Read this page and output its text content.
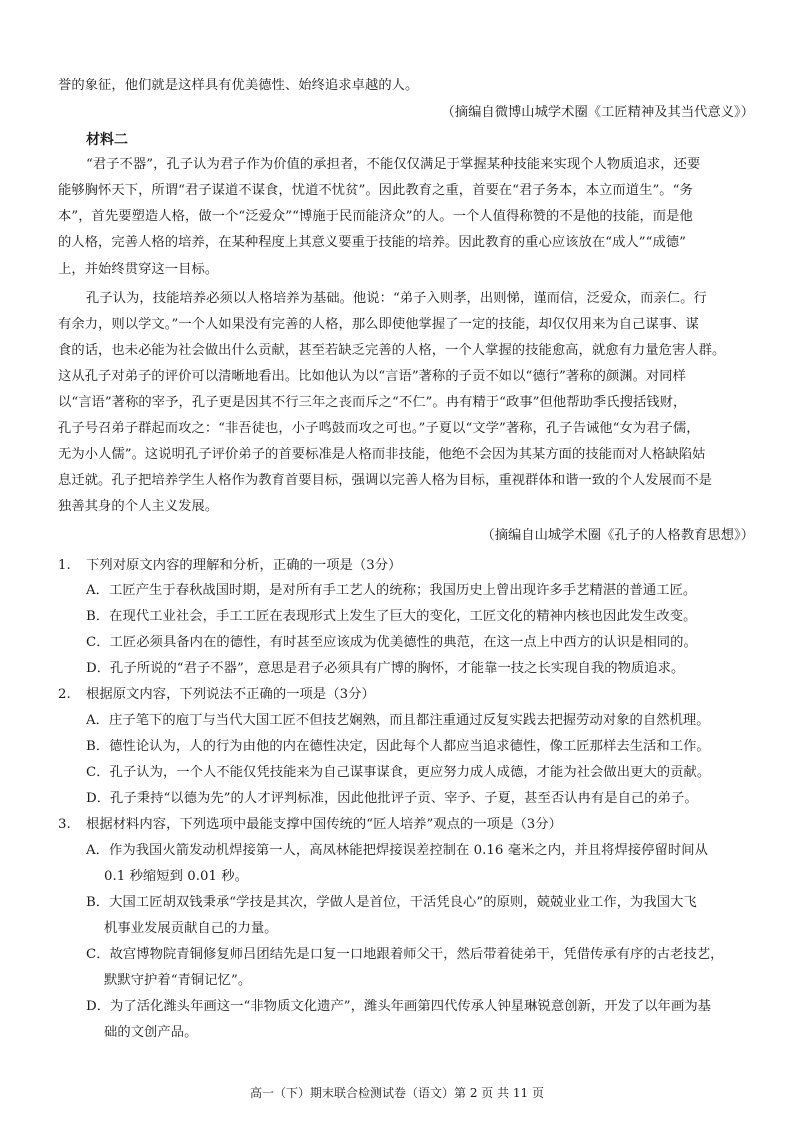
誉的象征，他们就是这样具有优美德性、始终追求卓越的人。
（摘编自微博山城学术圈《工匠精神及其当代意义》）
材料二
“君子不器”，孔子认为君子作为价值的承担者，不能仅仅满足于掌握某种技能来实现个人物质追求，还要
能够胸怀天下，所谓“君子谋道不谋食，忧道不忧贫”。因此教育之重，首要在“君子务本，本立而道生”。“务
本”，首先要塑造人格，做一个“泛爱众”“博施于民而能济众”的人。一个人值得称赞的不是他的技能，而是他
的人格，完善人格的培养，在某种程度上其意义要重于技能的培养。因此教育的重心应该放在“成人”“成德”
上，并始终贯穿这一目标。
孔子认为，技能培养必须以人格培养为基础。他说：“弟子入则孝，出则悌，谨而信，泛爱众，而亲仁。行
有余力，则以学文。”一个人如果没有完善的人格，那么即使他掌握了一定的技能，却仅仅用来为自己谋事、谋
食的话，也未必能为社会做出什么贡献，甚至若缺乏完善的人格，一个人掌握的技能愈高，就愈有力量危害人群。
这从孔子对弟子的评价可以清晰地看出。比如他认为以“言语”著称的子贡不如以“德行”著称的颜渊。对同样
以“言语”著称的宰予，孔子更是因其不行三年之丧而斥之“不仁”。冉有精于“政事”但他帮助季氏搜括钱财，
孔子号召弟子群起而攻之：“非吾徒也，小子鸣鼓而攻之可也。”子夏以“文学”著称，孔子告诫他“女为君子儒，
无为小人儒”。这说明孔子评价弟子的首要标准是人格而非技能，他绝不会因为其某方面的技能而对人格缺陷姑
息迁就。孔子把培养学生人格作为教育首要目标，强调以完善人格为目标，重视群体和谐一致的个人发展而不是
独善其身的个人主义发展。
（摘编自山城学术圈《孔子的人格教育思想》）
1. 下列对原文内容的理解和分析，正确的一项是（3分）
A．工匠产生于春秋战国时期，是对所有手工艺人的统称；我国历史上曾出现许多手艺精湛的普通工匠。
B．在现代工业社会，手工工匠在表现形式上发生了巨大的变化，工匠文化的精神内核也因此发生改变。
C．工匠必须具备内在的德性，有时甚至应该成为优美德性的典范，在这一点上中西方的认识是相同的。
D．孔子所说的“君子不器”，意思是君子必须具有广博的胸怀，才能靠一技之长实现自我的物质追求。
2. 根据原文内容，下列说法不正确的一项是（3分）
A．庄子笔下的庖丁与当代大国工匠不但技艺娴熟，而且都注重通过反复实践去把握劳动对象的自然机理。
B．德性论认为，人的行为由他的内在德性决定，因此每个人都应当追求德性，像工匠那样去生活和工作。
C．孔子认为，一个人不能仅凭技能来为自己谋事谋食，更应努力成人成德，才能为社会做出更大的贡献。
D．孔子秉持“以德为先”的人才评判标准，因此他批评子贡、宰予、子夏，甚至否认冉有是自己的弟子。
3. 根据材料内容，下列选项中最能支撑中国传统的“匠人培养”观点的一项是（3分）
A．作为我国火箭发动机焊接第一人，高凤林能把焊接误差控制在 0.16 毫米之内，并且将焊接停留时间从
0.1 秒缩短到 0.01 秒。
B．大国工匠胡双钱秉承“学技是其次，学做人是首位，干活凭良心”的原则，兢兢业业工作，为我国大飞
机事业发展贡献自己的力量。
C．故宫博物院青铜修复师吕团结先是口复一口地跟着师父干，然后带着徒弟干，凭借传承有序的古老技艺，
默默守护着“青铜记忆”。
D．为了活化潍头年画这一“非物质文化遗产”，潍头年画第四代传承人钟星琳锐意创新，开发了以年画为基
础的文创产品。
高一（下）期末联合检测试卷（语文）第 2 页 共 11 页
